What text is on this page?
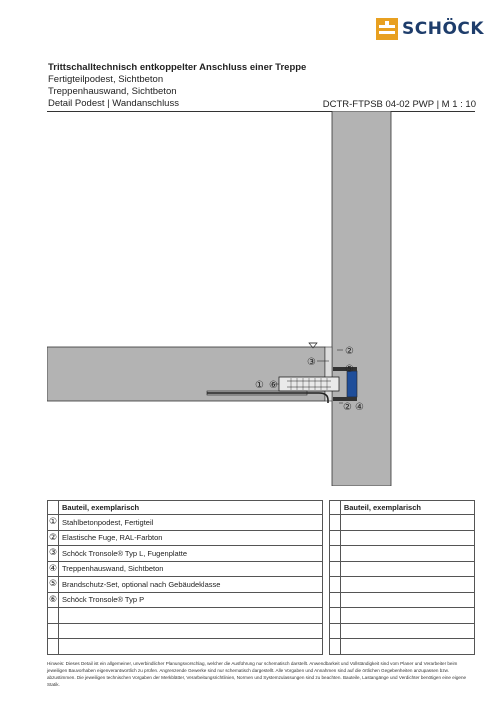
SCHÖCK
Trittschalltechnisch entkoppelter Anschluss einer Treppe
Fertigteilpodest, Sichtbeton
Treppenhauswand, Sichtbeton
Detail Podest | Wandanschluss	DCTR-FTPSB 04-02 PWP | M 1 : 10
②
③
⑤
① ⑥
② ④
	Bauteil, exemplarisch			Bauteil, exemplarisch
①	Stahlbetonpodest, Fertigteil			
②	Elastische Fuge, RAL-Farbton			
③	Schöck Tronsole® Typ L, Fugenplatte			
④	Treppenhauswand, Sichtbeton			
⑤	Brandschutz-Set, optional nach Gebäudeklasse			
⑥	Schöck Tronsole® Typ P			

Hinweis: Dieses Detail ist ein allgemeiner, unverbindlicher Planungsvorschlag, welcher die Ausführung nur schematisch darstellt. Anwendbarkeit und Vollständigkeit sind vom Planer und Verarbeiter beim jeweiligen Bauvorhaben eigenverantwortlich zu prüfen. Angrenzende Gewerke sind nur schematisch dargestellt. Alle Vorgaben und Annahmen sind auf die örtlichen Gegebenheiten anzupassen bzw. abzustimmen. Die jeweiligen technischen Vorgaben der Merkblätter, Verarbeitungsrichtlinien, Normen und Systemzulassungen sind zu beachten. Bauteile, Lastangänge und Verdichter benötigen eine eigene Statik.
